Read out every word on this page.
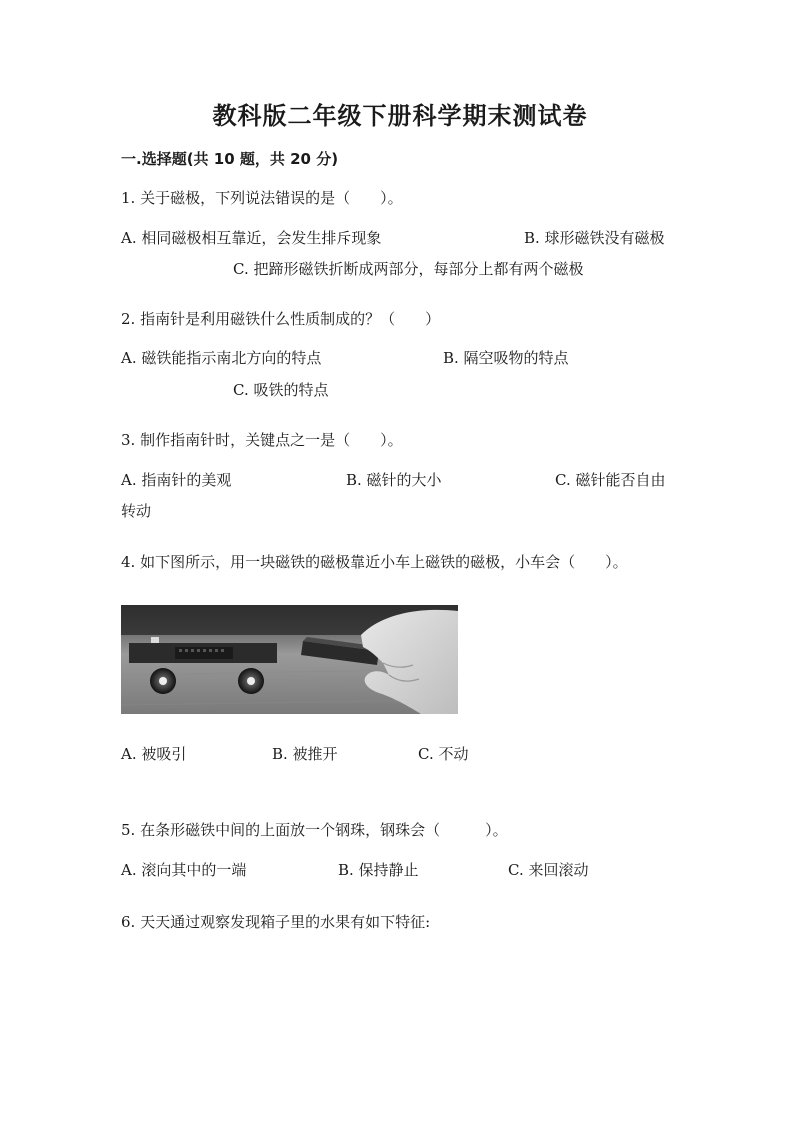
教科版二年级下册科学期末测试卷
一.选择题(共 10 题，共 20 分)
1. 关于磁极，下列说法错误的是（　　）。
A. 相同磁极相互靠近，会发生排斥现象	B. 球形磁铁没有磁极
C. 把蹄形磁铁折断成两部分，每部分上都有两个磁极
2. 指南针是利用磁铁什么性质制成的？（　　）
A. 磁铁能指示南北方向的特点	B. 隔空吸物的特点
C. 吸铁的特点
3. 制作指南针时，关键点之一是（　　）。
A. 指南针的美观	B. 磁针的大小	C. 磁针能否自由
转动
4. 如下图所示，用一块磁铁的磁极靠近小车上磁铁的磁极，小车会（　　）。
A. 被吸引	B. 被推开	C. 不动
5. 在条形磁铁中间的上面放一个钢珠，钢珠会（　　　）。
A. 滚向其中的一端	B. 保持静止	C. 来回滚动
6. 天天通过观察发现箱子里的水果有如下特征:
